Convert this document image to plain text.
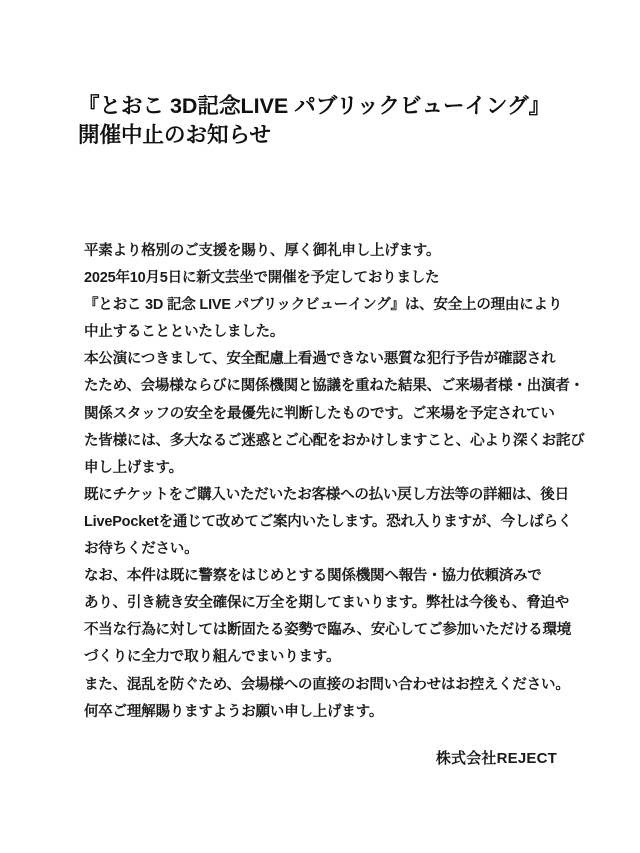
『とおこ 3D記念LIVE パブリックビューイング』
開催中止のお知らせ
平素より格別のご支援を賜り、厚く御礼申し上げます。
2025年10月5日に新文芸坐で開催を予定しておりました
『とおこ 3D 記念 LIVE パブリックビューイング』は、安全上の理由により
中止することといたしました。
本公演につきまして、安全配慮上看過できない悪質な犯行予告が確認され
たため、会場様ならびに関係機関と協議を重ねた結果、ご来場者様・出演者・
関係スタッフの安全を最優先に判断したものです。ご来場を予定されてい
た皆様には、多大なるご迷惑とご心配をおかけしますこと、心より深くお詫び
申し上げます。
既にチケットをご購入いただいたお客様への払い戻し方法等の詳細は、後日
LivePocketを通じて改めてご案内いたします。恐れ入りますが、今しばらく
お待ちください。
なお、本件は既に警察をはじめとする関係機関へ報告・協力依頼済みで
あり、引き続き安全確保に万全を期してまいります。弊社は今後も、脅迫や
不当な行為に対しては断固たる姿勢で臨み、安心してご参加いただける環境
づくりに全力で取り組んでまいります。
また、混乱を防ぐため、会場様への直接のお問い合わせはお控えください。
何卒ご理解賜りますようお願い申し上げます。
株式会社REJECT
